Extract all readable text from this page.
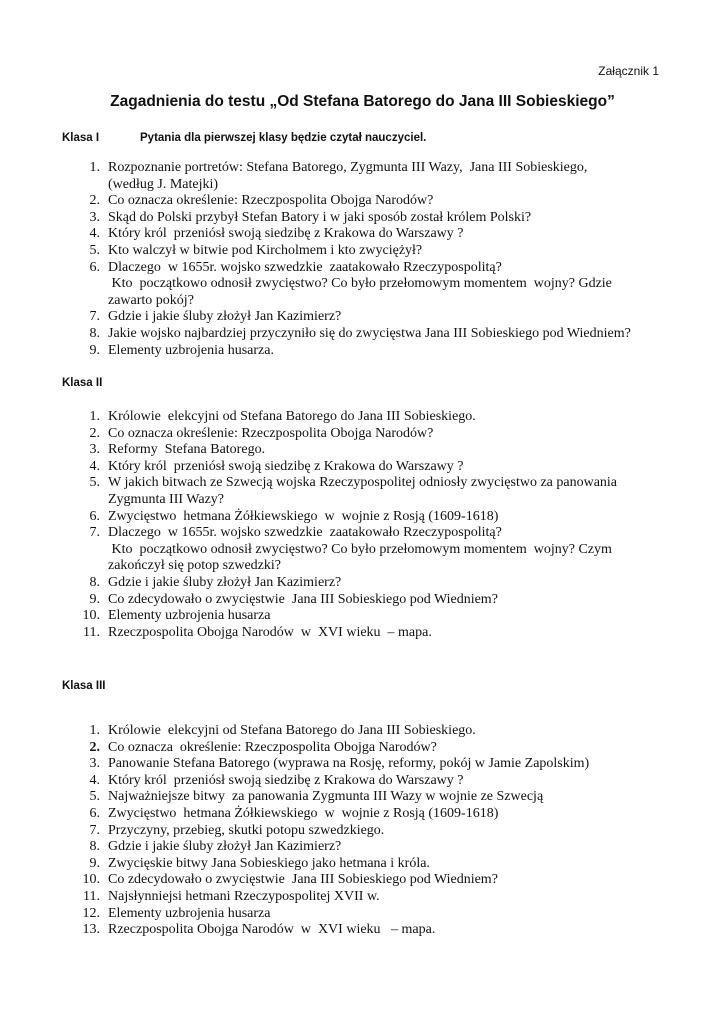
Załącznik 1
Zagadnienia do testu „Od Stefana Batorego do Jana III Sobieskiego”
Klasa I	Pytania dla pierwszej klasy będzie czytał nauczyciel.
1. Rozpoznanie portretów: Stefana Batorego, Zygmunta III Wazy,  Jana III Sobieskiego,
(według J. Matejki)
2. Co oznacza określenie: Rzeczpospolita Obojga Narodów?
3. Skąd do Polski przybył Stefan Batory i w jaki sposób został królem Polski?
4. Który król  przeniósł swoją siedzibę z Krakowa do Warszawy ?
5. Kto walczył w bitwie pod Kircholmem i kto zwyciężył?
6. Dlaczego  w 1655r. wojsko szwedzkie  zaatakowało Rzeczypospolitą?
Kto  początkowo odnosił zwycięstwo? Co było przełomowym momentem  wojny? Gdzie
zawarto pokój?
7. Gdzie i jakie śluby złożył Jan Kazimierz?
8. Jakie wojsko najbardziej przyczyniło się do zwycięstwa Jana III Sobieskiego pod Wiedniem?
9. Elementy uzbrojenia husarza.
Klasa II
1. Królowie  elekcyjni od Stefana Batorego do Jana III Sobieskiego.
2. Co oznacza określenie: Rzeczpospolita Obojga Narodów?
3. Reformy  Stefana Batorego.
4. Który król  przeniósł swoją siedzibę z Krakowa do Warszawy ?
5. W jakich bitwach ze Szwecją wojska Rzeczypospolitej odniosły zwycięstwo za panowania
Zygmunta III Wazy?
6. Zwycięstwo  hetmana Żółkiewskiego  w  wojnie z Rosją (1609-1618)
7. Dlaczego  w 1655r. wojsko szwedzkie  zaatakowało Rzeczypospolitą?
Kto  początkowo odnosił zwycięstwo? Co było przełomowym momentem  wojny? Czym
zakończył się potop szwedzki?
8. Gdzie i jakie śluby złożył Jan Kazimierz?
9. Co zdecydowało o zwycięstwie  Jana III Sobieskiego pod Wiedniem?
10. Elementy uzbrojenia husarza
11. Rzeczpospolita Obojga Narodów  w  XVI wieku  – mapa.
Klasa III
1. Królowie  elekcyjni od Stefana Batorego do Jana III Sobieskiego.
2. Co oznacza  określenie: Rzeczpospolita Obojga Narodów?
3. Panowanie Stefana Batorego (wyprawa na Rosję, reformy, pokój w Jamie Zapolskim)
4. Który król  przeniósł swoją siedzibę z Krakowa do Warszawy ?
5. Najważniejsze bitwy  za panowania Zygmunta III Wazy w wojnie ze Szwecją
6. Zwycięstwo  hetmana Żółkiewskiego  w  wojnie z Rosją (1609-1618)
7. Przyczyny, przebieg, skutki potopu szwedzkiego.
8. Gdzie i jakie śluby złożył Jan Kazimierz?
9. Zwycięskie bitwy Jana Sobieskiego jako hetmana i króla.
10. Co zdecydowało o zwycięstwie  Jana III Sobieskiego pod Wiedniem?
11. Najsłynniejsi hetmani Rzeczypospolitej XVII w.
12. Elementy uzbrojenia husarza
13. Rzeczpospolita Obojga Narodów  w  XVI wieku   – mapa.
